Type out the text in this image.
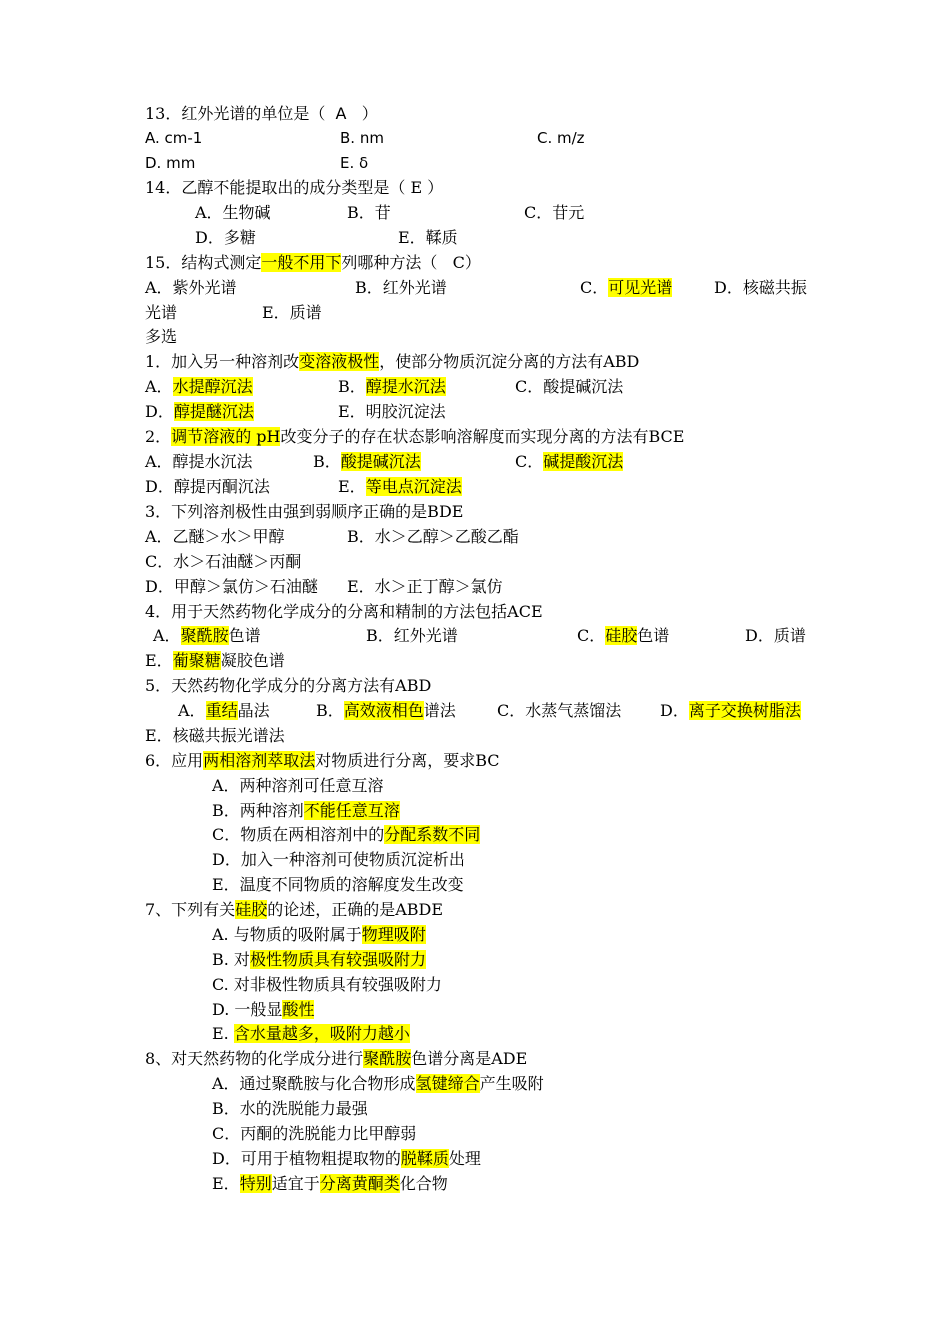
13．红外光谱的单位是（ A ）
A. cm-1	B. nm	C. m/z
D. mm	E. δ
14．乙醇不能提取出的成分类型是（ E ）
A．生物碱	B．苷	C．苷元
D．多糖	E．鞣质
15．结构式测定一般不用下列哪种方法（ C）
A．紫外光谱	B．红外光谱	C．可见光谱	D．核磁共振
光谱	E．质谱
多选
1．加入另一种溶剂改变溶液极性，使部分物质沉淀分离的方法有ABD
A．水提醇沉法	B．醇提水沉法	C．酸提碱沉法
D．醇提醚沉法	E．明胶沉淀法
2．调节溶液的 pH改变分子的存在状态影响溶解度而实现分离的方法有BCE
A．醇提水沉法	B．酸提碱沉法	C．碱提酸沉法
D．醇提丙酮沉法	E．等电点沉淀法
3．下列溶剂极性由强到弱顺序正确的是BDE
A．乙醚＞水＞甲醇	B．水＞乙醇＞乙酸乙酯
C．水＞石油醚＞丙酮
D．甲醇＞氯仿＞石油醚 E．水＞正丁醇＞氯仿
4．用于天然药物化学成分的分离和精制的方法包括ACE
A．聚酰胺色谱	B．红外光谱	C．硅胶色谱	D．质谱
E．葡聚糖凝胶色谱
5．天然药物化学成分的分离方法有ABD
A．重结晶法	B．高效液相色谱法	C．水蒸气蒸馏法 D．离子交换树脂法
E．核磁共振光谱法
6．应用两相溶剂萃取法对物质进行分离，要求BC
A．两种溶剂可任意互溶
B．两种溶剂不能任意互溶
C．物质在两相溶剂中的分配系数不同
D．加入一种溶剂可使物质沉淀析出
E．温度不同物质的溶解度发生改变
7、下列有关硅胶的论述，正确的是ABDE
A. 与物质的吸附属于物理吸附
B. 对极性物质具有较强吸附力
C. 对非极性物质具有较强吸附力
D. 一般显酸性
E. 含水量越多，吸附力越小
8、对天然药物的化学成分进行聚酰胺色谱分离是ADE
A．通过聚酰胺与化合物形成氢键缔合产生吸附
B．水的洗脱能力最强
C．丙酮的洗脱能力比甲醇弱
D．可用于植物粗提取物的脱鞣质处理
E．特别适宜于分离黄酮类化合物
